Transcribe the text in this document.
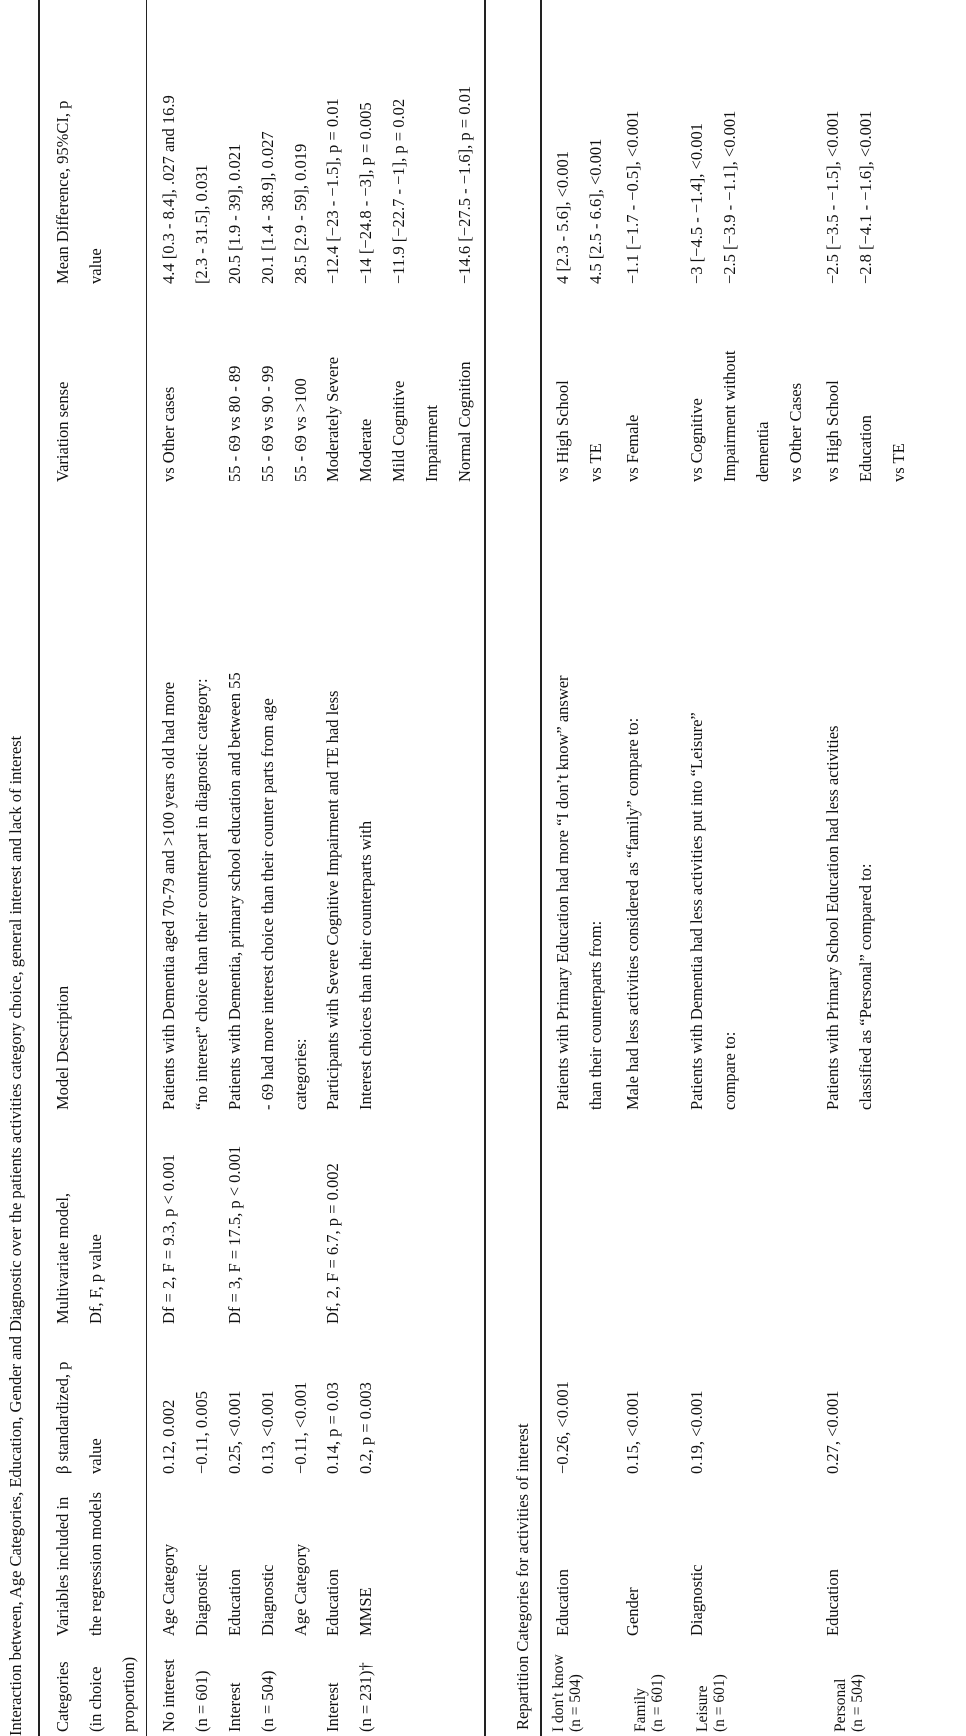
Interaction between, Age Categories, Education, Gender and Diagnostic over the patients activities category choice, general interest and lack of interest	Categories (in choice proportion)
Variables included in the regression models
β standardized, p value
Multivariate model, Df, F, p value
Model Description
Variation sense
Mean Difference, 95%CI, p value
No interest (n = 601)
Age Category Diagnostic
0.12, 0.002 −0.11, 0.005
Df = 2, F = 9.3, p < 0.001
Patients with Dementia aged 70-79 and >100 years old had more “no interest” choice than their counterpart in diagnostic category:
vs Other cases
4.4 [0.3 - 8.4], .027 and 16.9 [2.3 - 31.5], 0.031
Interest (n = 504)
Education Diagnostic Age Category
0.25, <0.001 0.13, <0.001 −0.11, <0.001
Df = 3, F = 17.5, p < 0.001
Patients with Dementia, primary school education and between 55 - 69 had more interest choice than their counter parts from age categories:
55 - 69 vs 80 - 89 55 - 69 vs 90 - 99 55 - 69 vs >100
20.5 [1.9 - 39], 0.021 20.1 [1.4 - 38.9], 0.027 28.5 [2.9 - 59], 0.019
Interest (n = 231)†
Education MMSE
0.14, p = 0.03 0.2, p = 0.003
Df, 2, F = 6.7, p = 0.002
Participants with Severe Cognitive Impairment and TE had less Interest choices than their counterparts with
Moderately Severe Moderate Mild Cognitive Impairment Normal Cognition
−12.4 [−23 - −1.5], p = 0.01 −14 [−24.8 - −3], p = 0.005 −11.9 [−22.7 - −1], p = 0.02
	−14.6 [−27.5 - −1.6], p = 0.01
Repartition Categories for activities of interest I don't know (n = 504)
Education
−0.26, <0.001
Patients with Primary Education had more “I don’t know” answer than their counterparts from:
vs High School vs TE
4 [2.3 - 5.6], <0.001 4.5 [2.5 - 6.6], <0.001
Family (n = 601)
Gender
0.15, <0.001
Male had less activities considered as “family” compare to:
vs Female
−1.1 [−1.7 - −0.5], <0.001
Leisure (n = 601)
Diagnostic
0.19, <0.001
Patients with Dementia had less activities put into “Leisure” compare to:
vs Cognitive Impairment without dementia vs Other Cases
−3 [−4.5 - −1.4], <0.001 −2.5 [−3.9 - −1.1], <0.001
Personal (n = 504)
Education
0.27, <0.001
Patients with Primary School Education had less activities classified as “Personal” compared to:
vs High School Education vs TE
−2.5 [−3.5 - −1.5], <0.001 −2.8 [−4.1 - −1.6], <0.001
